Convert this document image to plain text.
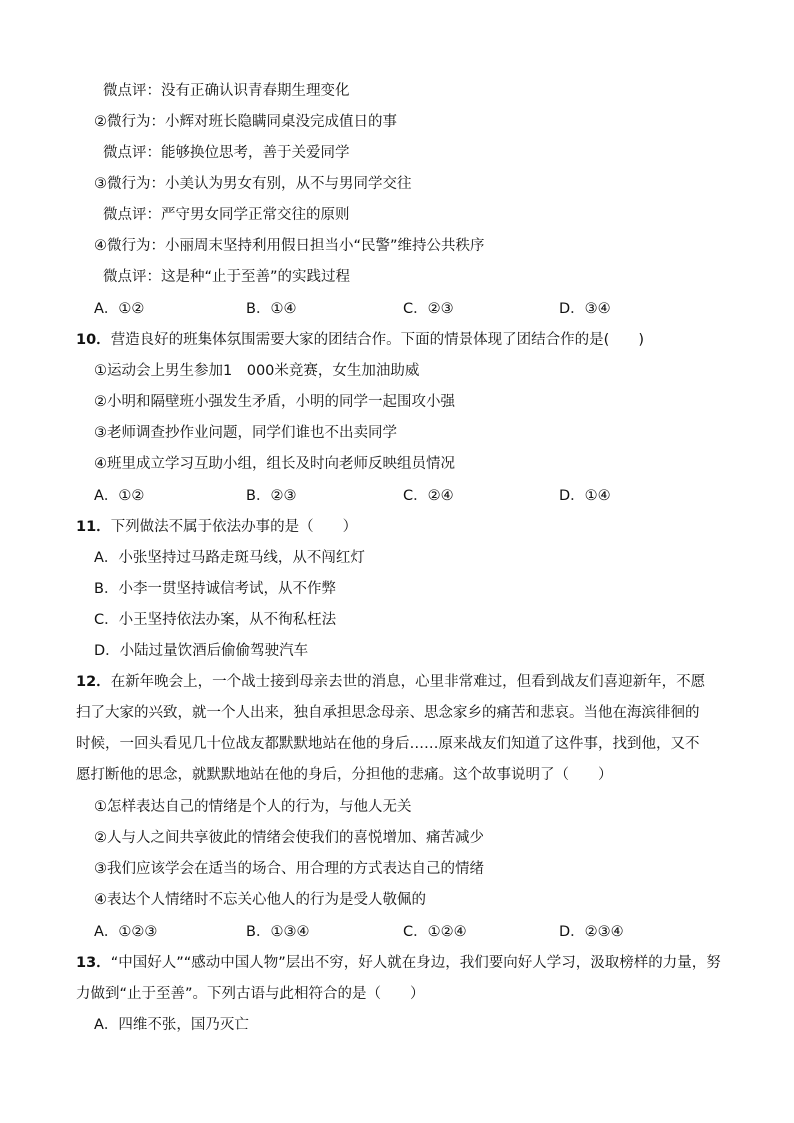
微点评：没有正确认识青春期生理变化
②微行为：小辉对班长隐瞒同桌没完成值日的事
微点评：能够换位思考，善于关爱同学
③微行为：小美认为男女有别，从不与男同学交往
微点评：严守男女同学正常交往的原则
④微行为：小丽周末坚持利用假日担当小“民警”维持公共秩序
微点评：这是种“止于至善”的实践过程
A．①②	B．①④	C．②③	D．③④
10．营造良好的班集体氛围需要大家的团结合作。下面的情景体现了团结合作的是(　　)
①运动会上男生参加1　000米竞赛，女生加油助威
②小明和隔壁班小强发生矛盾，小明的同学一起围攻小强
③老师调查抄作业问题，同学们谁也不出卖同学
④班里成立学习互助小组，组长及时向老师反映组员情况
A．①②	B．②③	C．②④	D．①④
11．下列做法不属于依法办事的是（　　）
A．小张坚持过马路走斑马线，从不闯红灯
B．小李一贯坚持诚信考试，从不作弊
C．小王坚持依法办案，从不徇私枉法
D．小陆过量饮酒后偷偷驾驶汽车
12．在新年晚会上，一个战士接到母亲去世的消息，心里非常难过，但看到战友们喜迎新年，不愿
扫了大家的兴致，就一个人出来，独自承担思念母亲、思念家乡的痛苦和悲哀。当他在海滨徘徊的
时候，一回头看见几十位战友都默默地站在他的身后……原来战友们知道了这件事，找到他，又不
愿打断他的思念，就默默地站在他的身后，分担他的悲痛。这个故事说明了（　　）
①怎样表达自己的情绪是个人的行为，与他人无关
②人与人之间共享彼此的情绪会使我们的喜悦增加、痛苦减少
③我们应该学会在适当的场合、用合理的方式表达自己的情绪
④表达个人情绪时不忘关心他人的行为是受人敬佩的
A．①②③	B．①③④	C．①②④	D．②③④
13．“中国好人”“感动中国人物”层出不穷，好人就在身边，我们要向好人学习，汲取榜样的力量，努
力做到“止于至善”。下列古语与此相符合的是（　　）
A．四维不张，国乃灭亡
